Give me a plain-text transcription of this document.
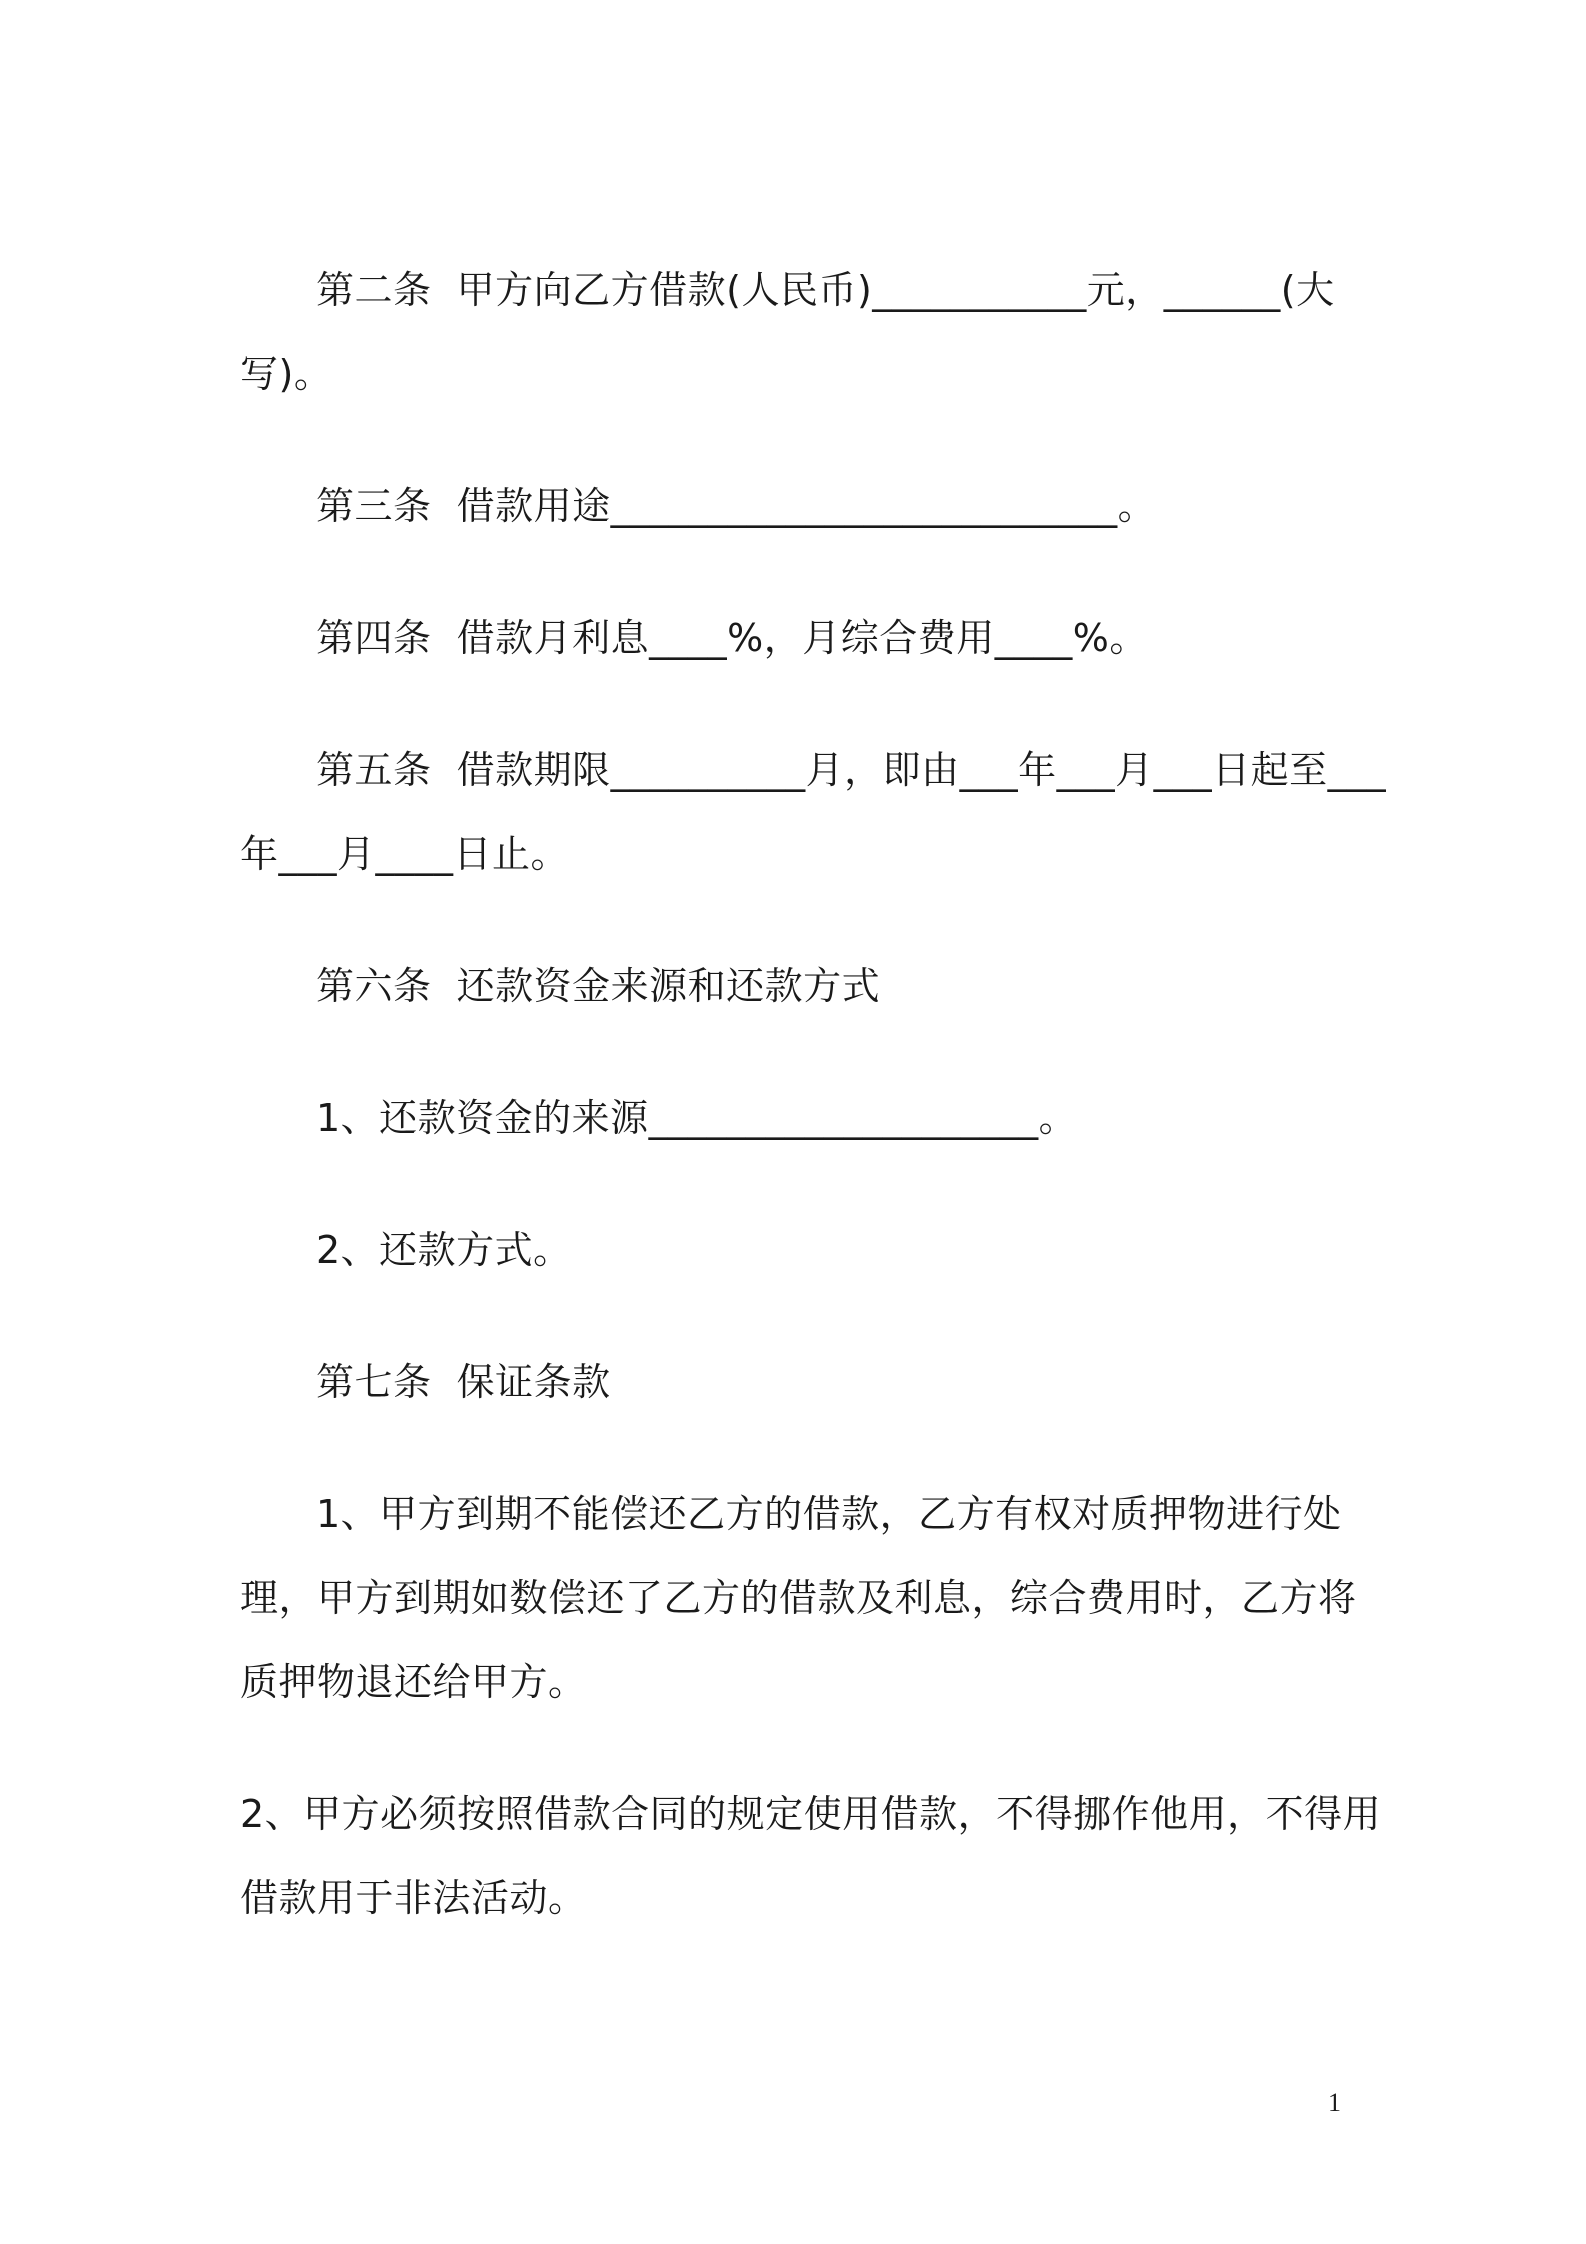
第二条  甲方向乙方借款(人民币)___________元，______(大写)。

第三条  借款用途__________________________。

第四条  借款月利息____%，月综合费用____%。

第五条  借款期限__________月，即由___年___月___日起至___年___月____日止。

第六条  还款资金来源和还款方式

1、还款资金的来源____________________。

2、还款方式。

第七条  保证条款

1、甲方到期不能偿还乙方的借款，乙方有权对质押物进行处理，甲方到期如数偿还了乙方的借款及利息，综合费用时，乙方将质押物退还给甲方。

2、甲方必须按照借款合同的规定使用借款，不得挪作他用，不得用借款用于非法活动。

1
